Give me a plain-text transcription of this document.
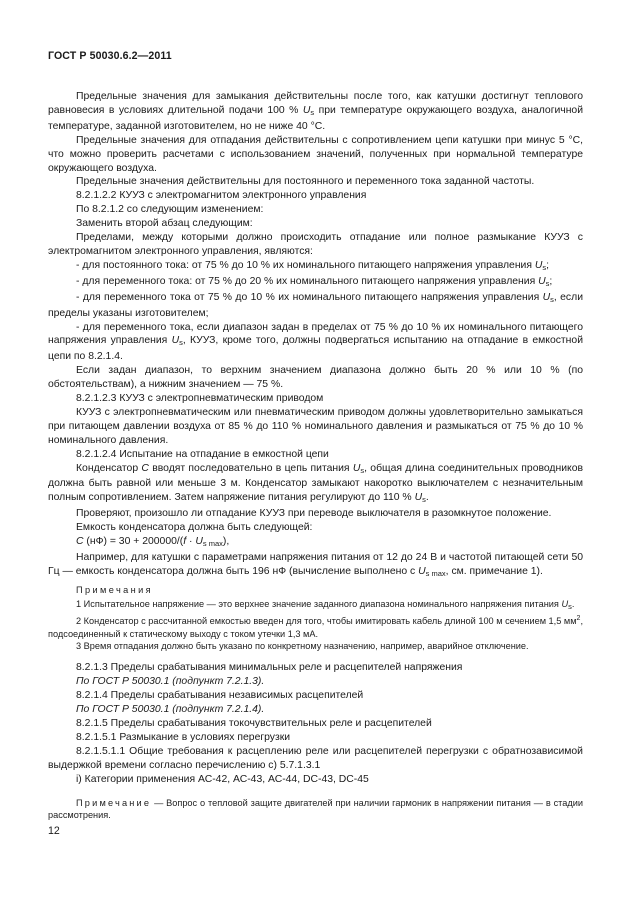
ГОСТ Р 50030.6.2—2011

Предельные значения для замыкания действительны после того, как катушки достигнут теплового равновесия в условиях длительной подачи 100 % $U_s$ при температуре окружающего воздуха, аналогичной температуре, заданной изготовителем, но не ниже 40 °С.

Предельные значения для отпадания действительны с сопротивлением цепи катушки при минус 5 °С, что можно проверить расчетами с использованием значений, полученных при нормальной температуре окружающего воздуха.

Предельные значения действительны для постоянного и переменного тока заданной частоты.

8.2.1.2.2 КУУЗ с электромагнитом электронного управления

По 8.2.1.2 со следующим изменением:

Заменить второй абзац следующим:

Пределами, между которыми должно происходить отпадание или полное размыкание КУУЗ с электромагнитом электронного управления, являются:

- для постоянного тока: от 75 % до 10 % их номинального питающего напряжения управления $U_s$;

- для переменного тока: от 75 % до 20 % их номинального питающего напряжения управления $U_s$;

- для переменного тока от 75 % до 10 % их номинального питающего напряжения управления $U_s$, если пределы указаны изготовителем;

- для переменного тока, если диапазон задан в пределах от 75 % до 10 % их номинального питающего напряжения управления $U_s$, КУУЗ, кроме того, должны подвергаться испытанию на отпадание в емкостной цепи по 8.2.1.4.

Если задан диапазон, то верхним значением диапазона должно быть 20 % или 10 % (по обстоятельствам), а нижним значением — 75 %.

8.2.1.2.3 КУУЗ с электропневматическим приводом

КУУЗ с электропневматическим или пневматическим приводом должны удовлетворительно замыкаться при питающем давлении воздуха от 85 % до 110 % номинального давления и размыкаться от 75 % до 10 % номинального давления.

8.2.1.2.4 Испытание на отпадание в емкостной цепи

Конденсатор С вводят последовательно в цепь питания $U_s$, общая длина соединительных проводников должна быть равной или меньше 3 м. Конденсатор замыкают накоротко выключателем с незначительным полным сопротивлением. Затем напряжение питания регулируют до 110 % $U_s$.

Проверяют, произошло ли отпадание КУУЗ при переводе выключателя в разомкнутое положение.

Емкость конденсатора должна быть следующей:

С $(нФ) = 30 + 200000/(f \cdot U_{s max})$,

Например, для катушки с параметрами напряжения питания от 12 до 24 В и частотой питающей сети 50 Гц — емкость конденсатора должна быть 196 нФ (вычисление выполнено с $U_{s max}$, см. примечание 1).

Примечания

1 Испытательное напряжение — это верхнее значение заданного диапазона номинального напряжения питания $U_s$.

2 Конденсатор с рассчитанной емкостью введен для того, чтобы имитировать кабель длиной 100 м сечением 1,5 $мм^2$, подсоединенный к статическому выходу с током утечки 1,3 мА.

3 Время отпадания должно быть указано по конкретному назначению, например, аварийное отключение.

8.2.1.3 Пределы срабатывания минимальных реле и расцепителей напряжения

По ГОСТ Р 50030.1 (подпункт 7.2.1.3).

8.2.1.4 Пределы срабатывания независимых расцепителей

По ГОСТ Р 50030.1 (подпункт 7.2.1.4).

8.2.1.5 Пределы срабатывания токочувствительных реле и расцепителей

8.2.1.5.1 Размыкание в условиях перегрузки

8.2.1.5.1.1 Общие требования к расцеплению реле или расцепителей перегрузки с обратнозависимой выдержкой времени согласно перечислению с) 5.7.1.3.1

i) Категории применения АС-42, АС-43, АС-44, DC-43, DC-45

Примечание — Вопрос о тепловой защите двигателей при наличии гармоник в напряжении питания — в стадии рассмотрения.

12
